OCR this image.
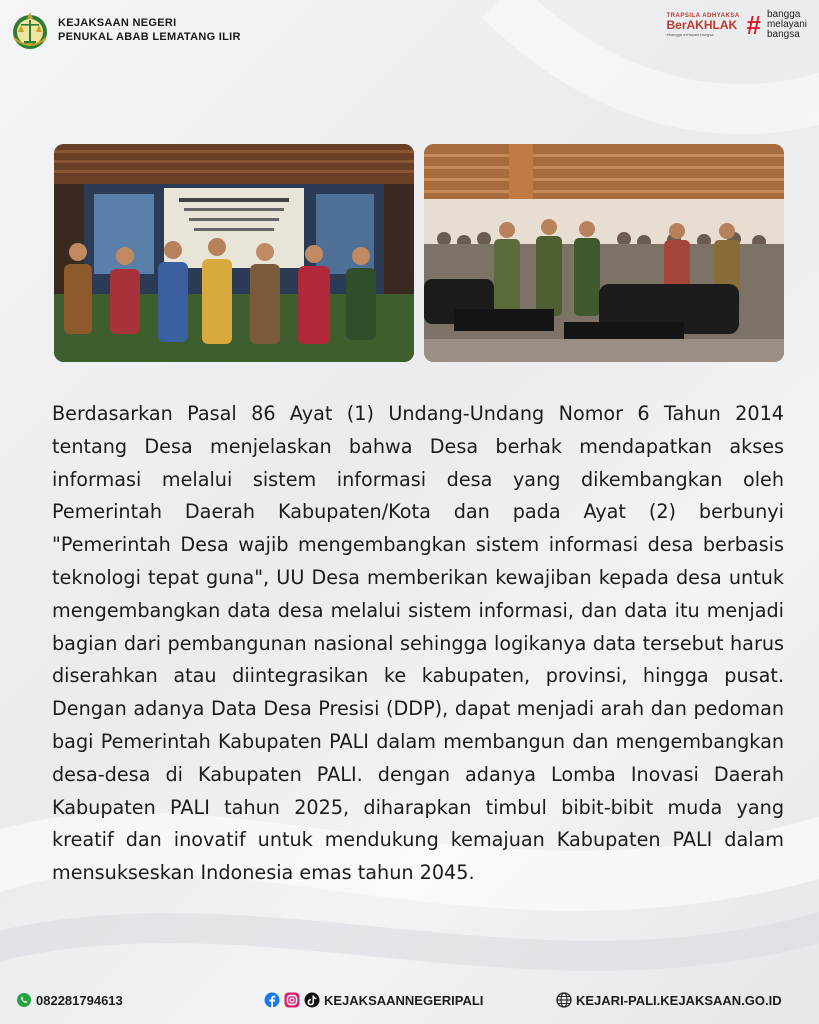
KEJAKSAAN NEGERI
PENUKAL ABAB LEMATANG ILIR
TRAPSILA ADHYAKSA
BerAKHLAK
#bangga melayani bangsa	# bangga
melayani
bangsa

Berdasarkan Pasal 86 Ayat (1) Undang-Undang Nomor 6 Tahun 2014 tentang Desa menjelaskan bahwa Desa berhak mendapatkan akses informasi melalui sistem informasi desa yang dikembangkan oleh Pemerintah Daerah Kabupaten/Kota dan pada Ayat (2) berbunyi "Pemerintah Desa wajib mengembangkan sistem informasi desa berbasis teknologi tepat guna", UU Desa memberikan kewajiban kepada desa untuk mengembangkan data desa melalui sistem informasi, dan data itu menjadi bagian dari pembangunan nasional sehingga logikanya data tersebut harus diserahkan atau diintegrasikan ke kabupaten, provinsi, hingga pusat. Dengan adanya Data Desa Presisi (DDP), dapat menjadi arah dan pedoman bagi Pemerintah Kabupaten PALI dalam membangun dan mengembangkan desa-desa di Kabupaten PALI. dengan adanya Lomba Inovasi Daerah Kabupaten PALI tahun 2025, diharapkan timbul bibit-bibit muda yang kreatif dan inovatif untuk mendukung kemajuan Kabupaten PALI dalam mensukseskan Indonesia emas tahun 2045.

082281794613	KEJAKSAANNEGERIPALI	KEJARI-PALI.KEJAKSAAN.GO.ID
